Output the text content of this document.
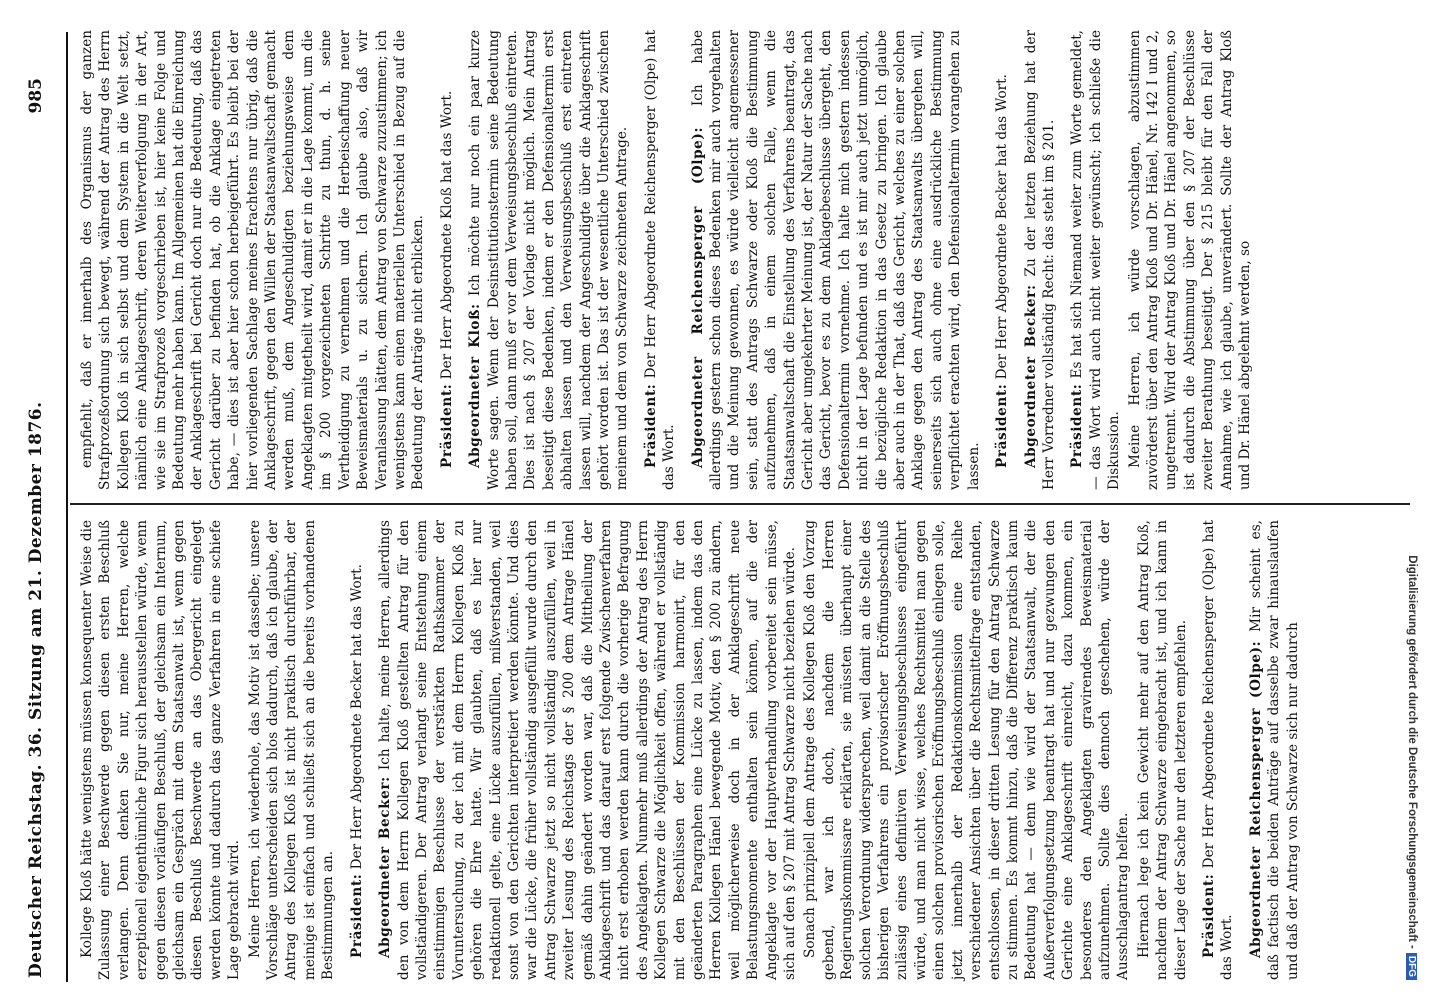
Deutscher Reichstag. 36. Sitzung am 21. Dezember 1876.
985

Kollege Kloß hätte wenigstens müssen konsequenter Weise die Zulassung einer Beschwerde gegen diesen ersten Beschluß verlangen. Denn denken Sie nur, meine Herren, welche erzeptionell eigenthümliche Figur sich herausstellen würde, wenn gegen diesen vorläufigen Beschluß, der gleichsam ein Internum, gleichsam ein Gespräch mit dem Staatsanwalt ist, wenn gegen diesen Beschluß Beschwerde an das Obergericht eingelegt werden könnte und dadurch das ganze Verfahren in eine schiefe Lage gebracht wird. Meine Herren, ich wiederhole, das Motiv ist dasselbe; unsere Vorschläge unterscheiden sich blos dadurch, daß ich glaube, der Antrag des Kollegen Kloß ist nicht praktisch durchführbar, der meinige ist einfach und schließt sich an die bereits vorhandenen Bestimmungen an. Präsident: Der Herr Abgeordnete Becker hat das Wort. Abgeordneter Becker: Ich halte, meine Herren, allerdings den von dem Herrn Kollegen Kloß gestellten Antrag für den vollständigeren. Der Antrag verlangt seine Entstehung einem einstimmigen Beschlusse der verstärkten Rathskammer der Voruntersuchung, zu der ich mit dem Herrn Kollegen Kloß zu gehören die Ehre hatte. Wir glaubten, daß es hier nur redaktionell gelte, eine Lücke auszufüllen, mißverstanden, weil sonst von den Gerichten interpretiert werden könnte. Und dies war die Lücke, die früher vollständig ausgefüllt wurde durch den Antrag Schwarze jetzt so nicht vollständig auszufüllen, weil in zweiter Lesung des Reichstags der § 200 dem Antrage Hänel gemäß dahin geändert worden war, daß die Mittheilung der Anklageschrift und das darauf erst folgende Zwischenverfahren nicht erst erhoben werden kann durch die vorherige Befragung des Angeklagten. Nunmehr muß allerdings der Antrag des Herrn Kollegen Schwarze die Möglichkeit offen, während er vollständig mit den Beschlüssen der Kommission harmonirt, für den geänderten Paragraphen eine Lücke zu lassen, indem das den Herren Kollegen Hänel bewegende Motiv, den § 200 zu ändern, weil möglicherweise doch in der Anklageschrift neue Belastungsmomente enthalten sein können, auf die der Angeklagte vor der Hauptverhandlung vorbereitet sein müsse, sich auf den § 207 mit Antrag Schwarze nicht beziehen würde. Sonach prinzipiell dem Antrage des Kollegen Kloß den Vorzug gebend, war ich doch, nachdem die Herren Regierungskommissare erklärten, sie müssten überhaupt einer solchen Verordnung widersprechen, weil damit an die Stelle des bisherigen Verfahrens ein provisorischer Eröffnungsbeschluß zulässig eines definitiven Verweisungsbeschlusses eingeführt würde, und man nicht wisse, welches Rechtsmittel man gegen einen solchen provisorischen Eröffnungsbeschluß einlegen solle, jetzt innerhalb der Redaktionskommission eine Reihe verschiedener Ansichten über die Rechtsmittelfrage entstanden, entschlossen, in dieser dritten Lesung für den Antrag Schwarze zu stimmen. Es kommt hinzu, daß die Differenz praktisch kaum Bedeutung hat — denn wie wird der Staatsanwalt, der die Außerverfolgungsetzung beantragt hat und nur gezwungen den Gerichte eine Anklageschrift einreicht, dazu kommen, ein besonderes den Angeklagten gravirendes Beweismaterial aufzunehmen. Sollte dies dennoch geschehen, würde der Ausschlagantrag helfen. Hiernach lege ich kein Gewicht mehr auf den Antrag Kloß, nachdem der Antrag Schwarze eingebracht ist, und ich kann in dieser Lage der Sache nur den letzteren empfehlen. Präsident: Der Herr Abgeordnete Reichensperger (Olpe) hat das Wort. Abgeordneter Reichensperger (Olpe): Mir scheint es, daß factisch die beiden Anträge auf dasselbe zwar hinauslaufen und daß der Antrag von Schwarze sich nur dadurch

empfiehlt, daß er innerhalb des Organismus der ganzen Strafprozeßordnung sich bewegt, während der Antrag des Herrn Kollegen Kloß in sich selbst und dem System in die Welt setzt, nämlich eine Anklageschrift, deren Weiterverfolgung in der Art, wie sie im Strafprozeß vorgeschrieben ist, hier keine Folge und Bedeutung mehr haben kann. Im Allgemeinen hat die Einreichung der Anklageschrift bei Gericht doch nur die Bedeutung, daß das Gericht darüber zu befinden hat, ob die Anklage eingetreten habe, — dies ist aber hier schon herbeigeführt. Es bleibt bei der hier vorliegenden Sachlage meines Erachtens nur übrig, daß die Anklageschrift, gegen den Willen der Staatsanwaltschaft gemacht werden muß, dem Angeschuldigten beziehungsweise dem Angeklagten mitgetheilt wird, damit er in die Lage kommt, um die im § 200 vorgezeichneten Schritte zu thun, d. h. seine Vertheidigung zu vernehmen und die Herbeischaffung neuer Beweismaterials u. zu sichern. Ich glaube also, daß wir Veranlassung hätten, dem Antrag von Schwarze zuzustimmen; ich wenigstens kann einen materiellen Unterschied in Bezug auf die Bedeutung der Anträge nicht erblicken. Präsident: Der Herr Abgeordnete Kloß hat das Wort.

Abgeordneter Kloß: Ich möchte nur noch ein paar kurze Worte sagen. Wenn der Desinstitutionstermin seine Bedeutung haben soll, dann muß er vor dem Verweisungsbeschluß eintreten. Dies ist nach § 207 der Vorlage nicht möglich. Mein Antrag beseitigt diese Bedenken, indem er den Defensionaltermin erst abhalten lassen und den Verweisungsbeschluß erst eintreten lassen will, nachdem der Angeschuldigte über die Anklageschrift gehört worden ist. Das ist der wesentliche Unterschied zwischen meinem und dem von Schwarze zeichneten Antrage. Präsident: Der Herr Abgeordnete Reichensperger (Olpe) hat das Wort. Abgeordneter Reichensperger (Olpe): Ich habe allerdings gestern schon dieses Bedenken mir auch vorgehalten und die Meinung gewonnen, es würde vielleicht angemessener sein, statt des Antrags Schwarze oder Kloß die Bestimmung aufzunehmen, daß in einem solchen Falle, wenn die Staatsanwaltschaft die Einstellung des Verfahrens beantragt, das Gericht aber umgekehrter Meinung ist, der Natur der Sache nach das Gericht, bevor es zu dem Anklagebeschlusse übergeht, den Defensionaltermin vornehme. Ich halte mich gestern indessen nicht in der Lage befunden und es ist mir auch jetzt unmöglich, die bezügliche Redaktion in das Gesetz zu bringen. Ich glaube aber auch in der That, daß das Gericht, welches zu einer solchen Anklage gegen den Antrag des Staatsanwalts übergehen will, seinerseits sich auch ohne eine ausdrückliche Bestimmung verpflichtet erachten wird, den Defensionaltermin vorangehen zu lassen. Präsident: Der Herr Abgeordnete Becker hat das Wort. Abgeordneter Becker: Zu der letzten Beziehung hat der Herr Vorredner vollständig Recht: das steht im § 201. Präsident: Es hat sich Niemand weiter zum Worte gemeldet, — das Wort wird auch nicht weiter gewünscht; ich schließe die Diskussion. Meine Herren, ich würde vorschlagen, abzustimmen zuvörderst über den Antrag Kloß und Dr. Hänel, Nr. 142 I und 2, ungetrennt. Wird der Antrag Kloß und Dr. Hänel angenommen, so ist dadurch die Abstimmung über den § 207 der Beschlüsse zweiter Berathung beseitigt. Der § 215 bleibt für den Fall der Annahme, wie ich glaube, unverändert. Sollte der Antrag Kloß und Dr. Hänel abgelehnt werden, so

Digitalisierung gefördert durch die Deutsche Forschungsgemeinschaft -DFG
